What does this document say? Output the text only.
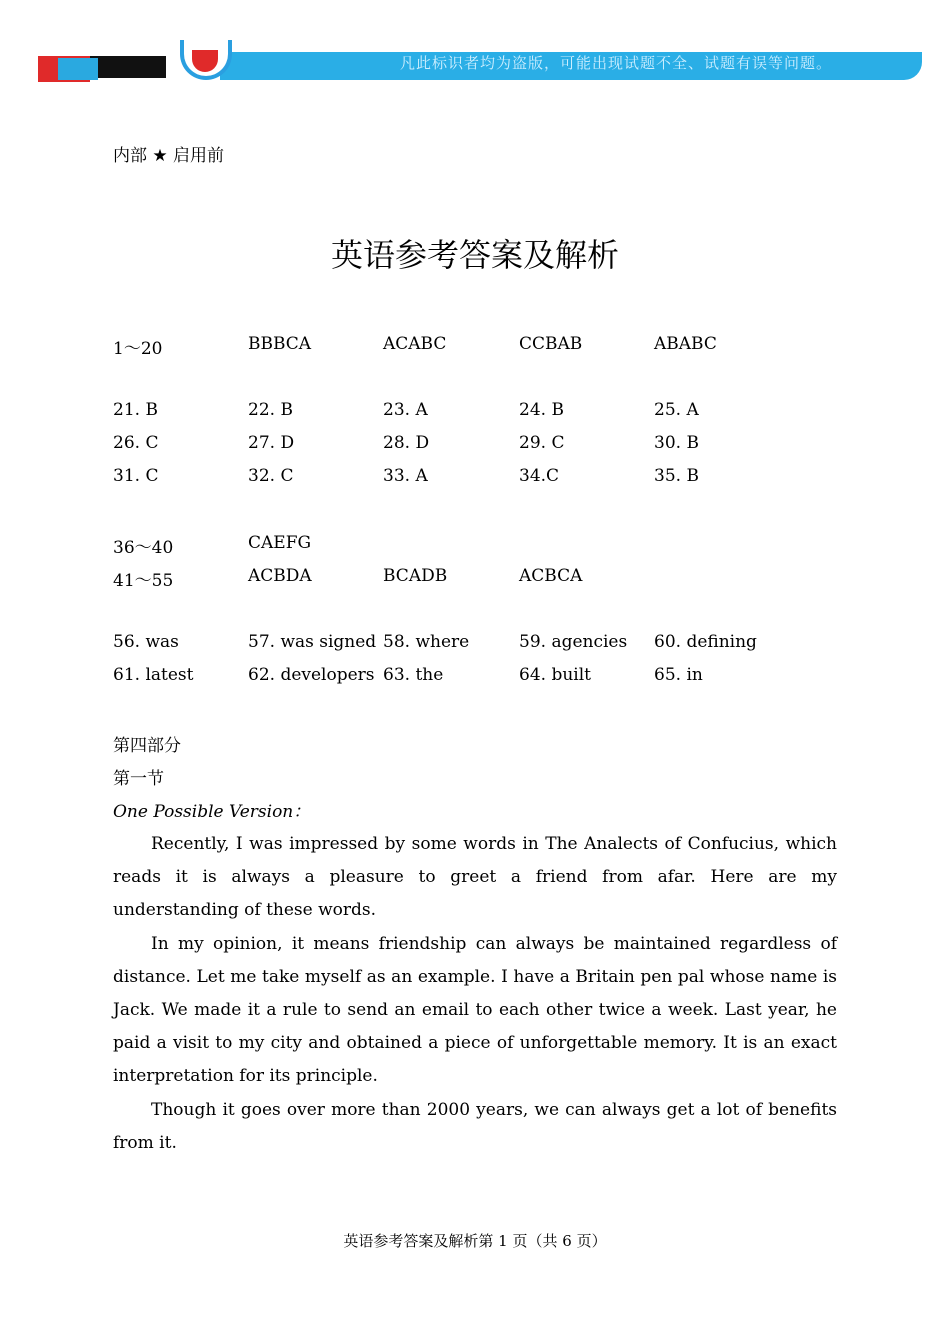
凡此标识者均为盗版，可能出现试题不全、试题有误等问题。
内部 ★ 启用前
英语参考答案及解析
1～20	BBBCA	ACABC	CCBAB	ABABC
21. B	22. B	23. A	24. B	25. A
26. C	27. D	28. D	29. C	30. B
31. C	32. C	33. A	34.C	35. B
36～40	CAEFG
41～55	ACBDA	BCADB	ACBCA
56. was	57. was signed 58. where	59. agencies 60. defining
61. latest	62. developers 63. the	64. built	65. in
第四部分
第一节
One Possible Version：

Recently, I was impressed by some words in The Analects of Confucius, which reads it is always a pleasure to greet a friend from afar. Here are my understanding of these words.

In my opinion, it means friendship can always be maintained regardless of distance. Let me take myself as an example. I have a Britain pen pal whose name is Jack. We made it a rule to send an email to each other twice a week. Last year, he paid a visit to my city and obtained a piece of unforgettable memory. It is an exact interpretation for its principle.

Though it goes over more than 2000 years, we can always get a lot of benefits from it.

英语参考答案及解析第 1 页（共 6 页）
